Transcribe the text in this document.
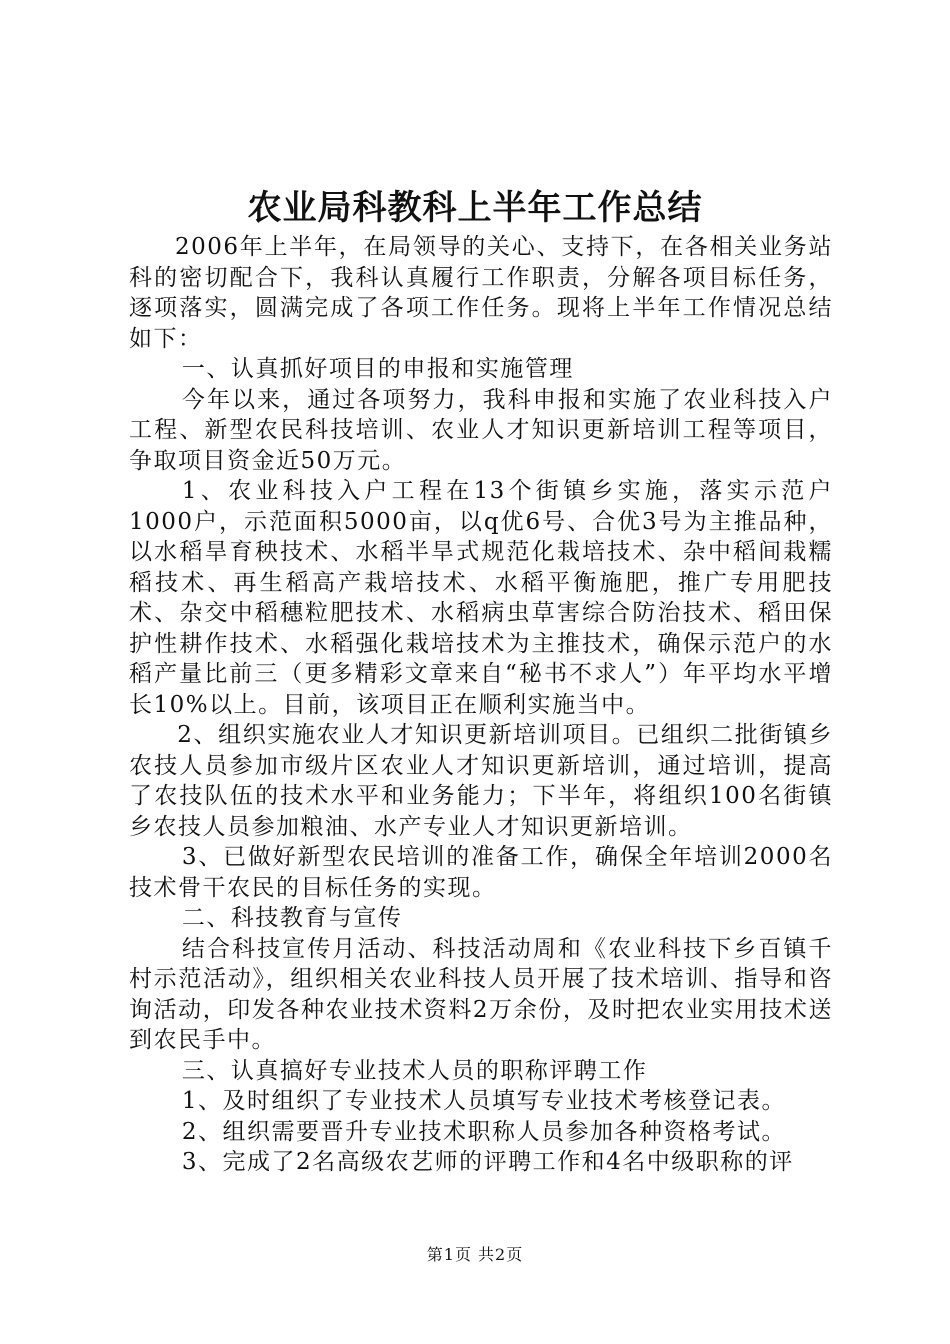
农业局科教科上半年工作总结

2006年上半年，在局领导的关心、支持下，在各相关业务站科的密切配合下，我科认真履行工作职责，分解各项目标任务，逐项落实，圆满完成了各项工作任务。现将上半年工作情况总结如下：

一、认真抓好项目的申报和实施管理

今年以来，通过各项努力，我科申报和实施了农业科技入户工程、新型农民科技培训、农业人才知识更新培训工程等项目，争取项目资金近50万元。

1、农业科技入户工程在13个街镇乡实施，落实示范户1000户，示范面积5000亩，以q优6号、合优3号为主推品种，以水稻旱育秧技术、水稻半旱式规范化栽培技术、杂中稻间栽糯稻技术、再生稻高产栽培技术、水稻平衡施肥，推广专用肥技术、杂交中稻穗粒肥技术、水稻病虫草害综合防治技术、稻田保护性耕作技术、水稻强化栽培技术为主推技术，确保示范户的水稻产量比前三（更多精彩文章来自“秘书不求人”）年平均水平增长10%以上。目前，该项目正在顺利实施当中。

2、组织实施农业人才知识更新培训项目。已组织二批街镇乡农技人员参加市级片区农业人才知识更新培训，通过培训，提高了农技队伍的技术水平和业务能力；下半年，将组织100名街镇乡农技人员参加粮油、水产专业人才知识更新培训。

3、已做好新型农民培训的准备工作，确保全年培训2000名技术骨干农民的目标任务的实现。

二、科技教育与宣传

结合科技宣传月活动、科技活动周和《农业科技下乡百镇千村示范活动》，组织相关农业科技人员开展了技术培训、指导和咨询活动，印发各种农业技术资料2万余份，及时把农业实用技术送到农民手中。

三、认真搞好专业技术人员的职称评聘工作

1、及时组织了专业技术人员填写专业技术考核登记表。

2、组织需要晋升专业技术职称人员参加各种资格考试。

3、完成了2名高级农艺师的评聘工作和4名中级职称的评

第1页 共2页
